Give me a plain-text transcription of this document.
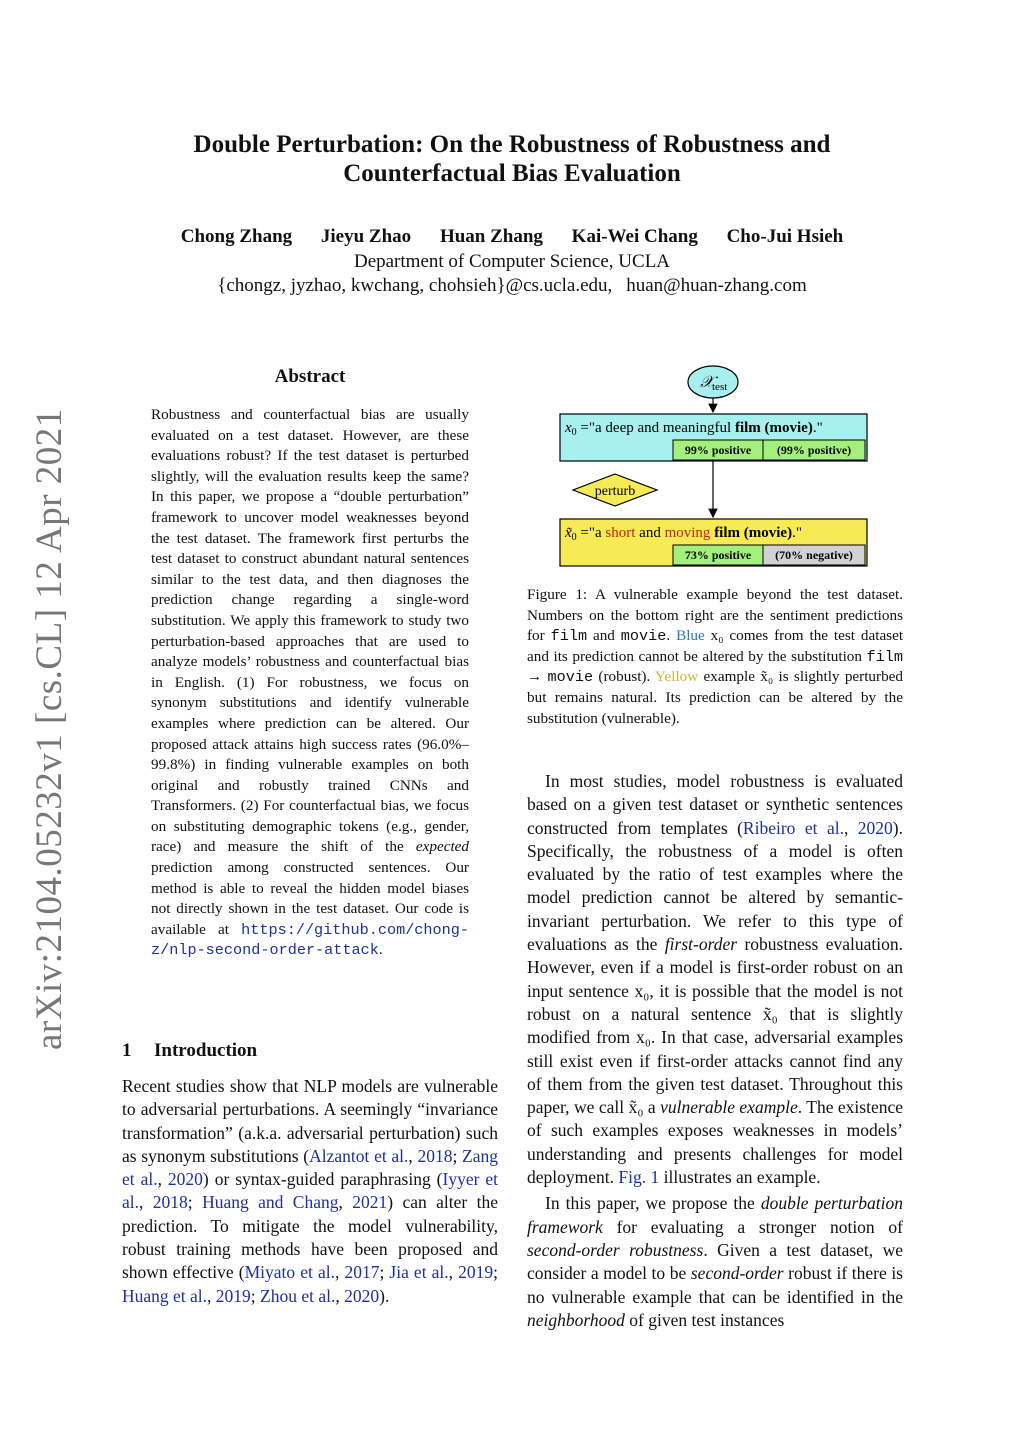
Double Perturbation: On the Robustness of Robustness and
Counterfactual Bias Evaluation
Chong Zhang Jieyu Zhao Huan Zhang Kai-Wei Chang Cho-Jui Hsieh
Department of Computer Science, UCLA
{chongz, jyzhao, kwchang, chohsieh}@cs.ucla.edu, huan@huan-zhang.com
arXiv:2104.05232v1 [cs.CL] 12 Apr 2021
Abstract
Robustness and counterfactual bias are usually evaluated on a test dataset. However, are these evaluations robust? If the test dataset is perturbed slightly, will the evaluation results keep the same? In this paper, we propose a “double perturbation” framework to uncover model weaknesses beyond the test dataset. The framework first perturbs the test dataset to construct abundant natural sentences similar to the test data, and then diagnoses the prediction change regarding a single-word substitution. We apply this framework to study two perturbation-based approaches that are used to analyze models’ robustness and counterfactual bias in English. (1) For robustness, we focus on synonym substitutions and identify vulnerable examples where prediction can be altered. Our proposed attack attains high success rates (96.0%–99.8%) in finding vulnerable examples on both original and robustly trained CNNs and Transformers. (2) For counterfactual bias, we focus on substituting demographic tokens (e.g., gender, race) and measure the shift of the expected prediction among constructed sentences. Our method is able to reveal the hidden model biases not directly shown in the test dataset. Our code is available at https://github.com/chong-z/nlp-second-order-attack.
1 Introduction

Recent studies show that NLP models are vulnerable to adversarial perturbations. A seemingly “invariance transformation” (a.k.a. adversarial perturbation) such as synonym substitutions (Alzantot et al., 2018; Zang et al., 2020) or syntax-guided paraphrasing (Iyyer et al., 2018; Huang and Chang, 2021) can alter the prediction. To mitigate the model vulnerability, robust training methods have been proposed and shown effective (Miyato et al., 2017; Jia et al., 2019; Huang et al., 2019; Zhou et al., 2020).

𝒳
test
$x_0$ ="a deep and meaningful film (movie)."
99% positive (99% positive)
perturb
$x̃_0$ ="a short and moving film (movie)."
73% positive (70% negative)
Figure 1: A vulnerable example beyond the test dataset. Numbers on the bottom right are the sentiment predictions for film and movie. Blue x₀ comes from the test dataset and its prediction cannot be altered by the substitution film → movie (robust). Yellow example x̃₀ is slightly perturbed but remains natural. Its prediction can be altered by the substitution (vulnerable).

In most studies, model robustness is evaluated based on a given test dataset or synthetic sentences constructed from templates (Ribeiro et al., 2020). Specifically, the robustness of a model is often evaluated by the ratio of test examples where the model prediction cannot be altered by semantic-invariant perturbation. We refer to this type of evaluations as the first-order robustness evaluation. However, even if a model is first-order robust on an input sentence x₀, it is possible that the model is not robust on a natural sentence x̃₀ that is slightly modified from x₀. In that case, adversarial examples still exist even if first-order attacks cannot find any of them from the given test dataset. Throughout this paper, we call x̃₀ a vulnerable example. The existence of such examples exposes weaknesses in models’ understanding and presents challenges for model deployment. Fig. 1 illustrates an example.

In this paper, we propose the double perturbation framework for evaluating a stronger notion of second-order robustness. Given a test dataset, we consider a model to be second-order robust if there is no vulnerable example that can be identified in the neighborhood of given test instances
